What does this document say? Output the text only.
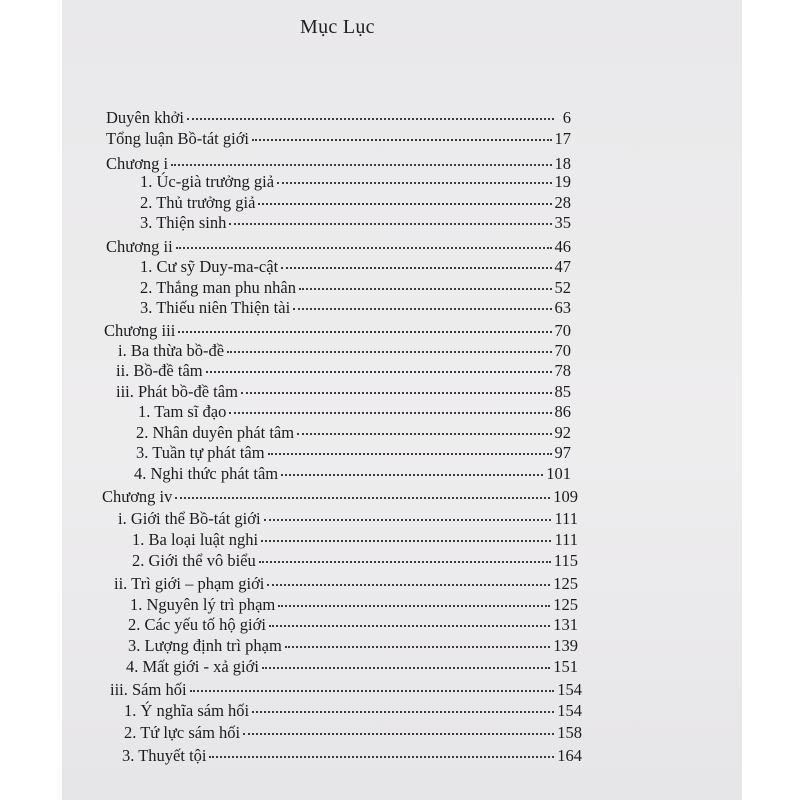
Mục Lục
Duyên khởi	6
Tổng luận Bồ-tát giới	17
Chương i	18
1. Úc-già trưởng giả	19
2. Thủ trưởng giả	28
3. Thiện sinh	35
Chương ii	46
1. Cư sỹ Duy-ma-cật	47
2. Thắng man phu nhân	52
3. Thiếu niên Thiện tài	63
Chương iii	70
i. Ba thừa bồ-đề	70
ii. Bồ-đề tâm	78
iii. Phát bồ-đề tâm	85
1. Tam sĩ đạo	86
2. Nhân duyên phát tâm	92
3. Tuần tự phát tâm	97
4. Nghi thức phát tâm	101
Chương iv	109
i. Giới thể Bồ-tát giới	111
1. Ba loại luật nghi	111
2. Giới thể vô biểu	115
ii. Trì giới – phạm giới	125
1. Nguyên lý trì phạm	125
2. Các yếu tố hộ giới	131
3. Lượng định trì phạm	139
4. Mất giới - xả giới	151
iii. Sám hối	154
1. Ý nghĩa sám hối	154
2. Tứ lực sám hối	158
3. Thuyết tội	164
